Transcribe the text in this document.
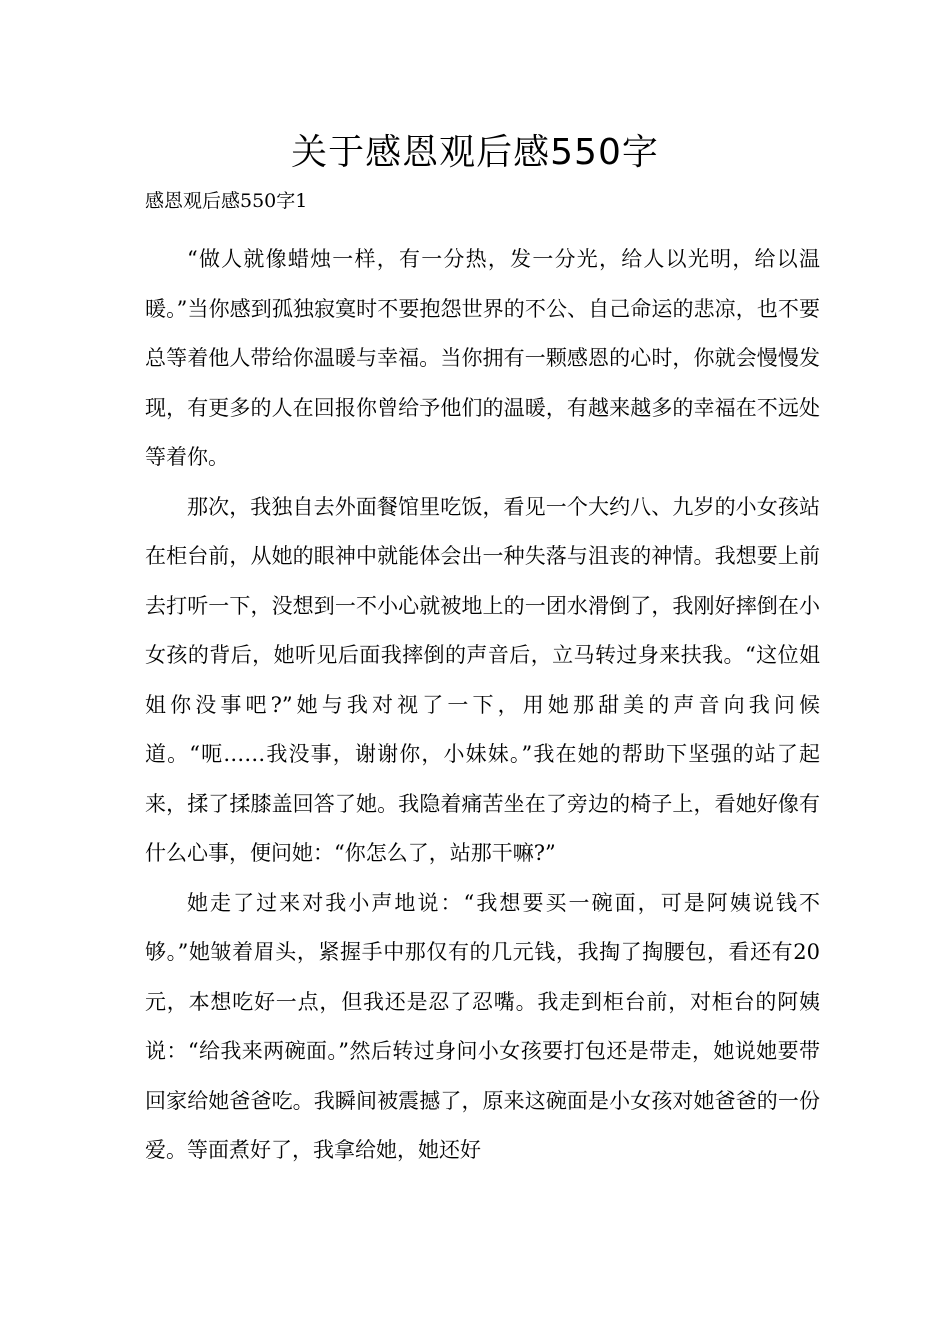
关于感恩观后感550字

感恩观后感550字1

“做人就像蜡烛一样，有一分热，发一分光，给人以光明，给以温暖。”当你感到孤独寂寞时不要抱怨世界的不公、自己命运的悲凉，也不要总等着他人带给你温暖与幸福。当你拥有一颗感恩的心时，你就会慢慢发现，有更多的人在回报你曾给予他们的温暖，有越来越多的幸福在不远处等着你。

那次，我独自去外面餐馆里吃饭，看见一个大约八、九岁的小女孩站在柜台前，从她的眼神中就能体会出一种失落与沮丧的神情。我想要上前去打听一下，没想到一不小心就被地上的一团水滑倒了，我刚好摔倒在小女孩的背后，她听见后面我摔倒的声音后，立马转过身来扶我。“这位姐姐你没事吧?”她与我对视了一下，用她那甜美的声音向我问候道。“呃……我没事，谢谢你，小妹妹。”我在她的帮助下坚强的站了起来，揉了揉膝盖回答了她。我隐着痛苦坐在了旁边的椅子上，看她好像有什么心事，便问她：“你怎么了，站那干嘛?”

她走了过来对我小声地说：“我想要买一碗面，可是阿姨说钱不够。”她皱着眉头，紧握手中那仅有的几元钱，我掏了掏腰包，看还有20元，本想吃好一点，但我还是忍了忍嘴。我走到柜台前，对柜台的阿姨说：“给我来两碗面。”然后转过身问小女孩要打包还是带走，她说她要带回家给她爸爸吃。我瞬间被震撼了，原来这碗面是小女孩对她爸爸的一份爱。等面煮好了，我拿给她，她还好
